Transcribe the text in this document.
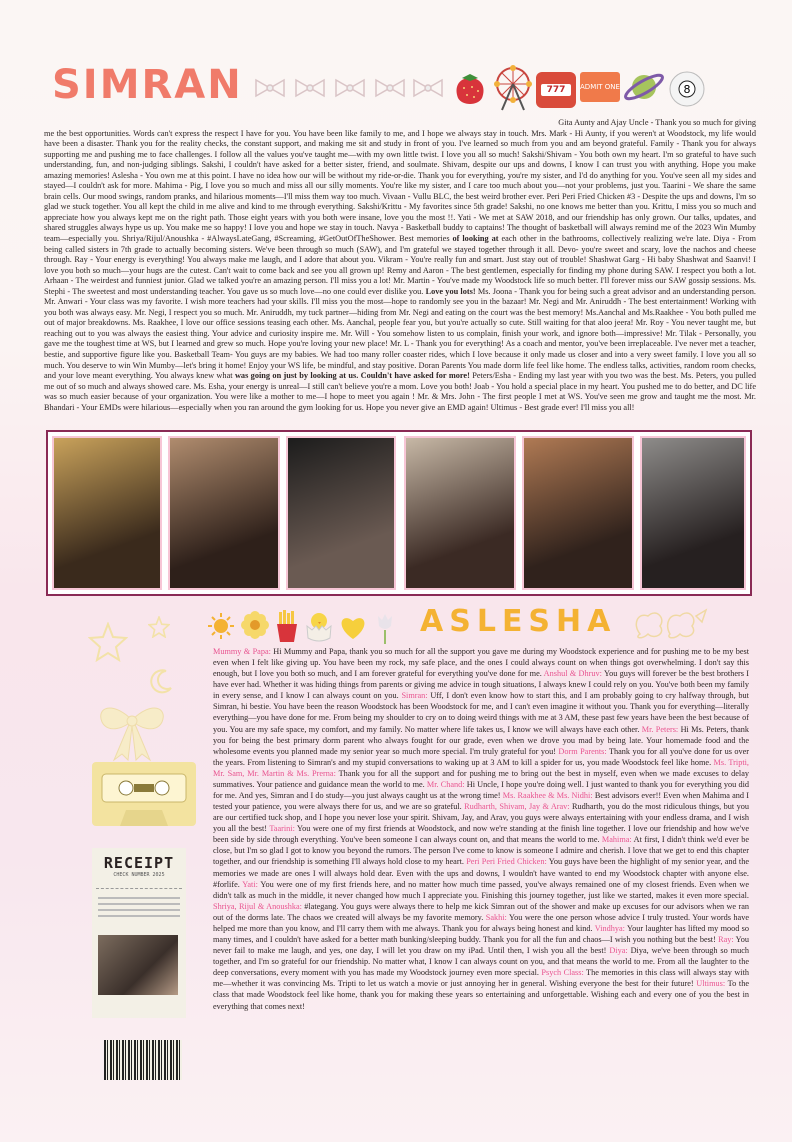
SIMRAN	777	ADMIT ONE	8
Gita Aunty and Ajay Uncle - Thank you so much for giving
me the best opportunities. Words can't express the respect I have for you. You have been like family to me, and I hope we always stay in touch. Mrs. Mark - Hi Aunty, if you weren't at Woodstock, my life would have been a disaster. Thank you for the reality checks, the constant support, and making me sit and study in front of you. I've learned so much from you and am beyond grateful. Family - Thank you for always supporting me and pushing me to face challenges. I follow all the values you've taught me—with my own little twist. I love you all so much! Sakshi/Shivam - You both own my heart. I'm so grateful to have such understanding, fun, and non-judging siblings. Sakshi, I couldn't have asked for a better sister, friend, and soulmate. Shivam, despite our ups and downs, I know I can trust you with anything. Hope you make amazing memories! Aslesha - You own me at this point. I have no idea how our will be without my ride-or-die. Thank you for everything, you're my sister, and I'd do anything for you. You've seen all my sides and stayed—I couldn't ask for more. Mahima - Pig, I love you so much and miss all our silly moments. You're like my sister, and I care too much about you—not your problems, just you. Taarini - We share the same brain cells. Our mood swings, random pranks, and hilarious moments—I'll miss them way too much. Vivaan - Vullu BLC, the best weird brother ever. Peri Peri Fried Chicken #3 - Despite the ups and downs, I'm so glad we stuck together. You all kept the child in me alive and kind to me through everything. Sakshi/Krittu - My favorites since 5th grade! Sakshi, no one knows me better than you. Krittu, I miss you so much and appreciate how you always kept me on the right path. Those eight years with you both were insane, love you the most !!. Yati - We met at SAW 2018, and our friendship has only grown. Our talks, updates, and shared struggles always hype us up. You make me so happy! I love you and hope we stay in touch. Navya - Basketball buddy to captains! The thought of basketball will always remind me of the 2023 Win Mumby team—especially you. Shriya/Rijul/Anoushka - #AlwaysLateGang, #Screaming, #GetOutOfTheShower. Best memories of looking at each other in the bathrooms, collectively realizing we're late. Diya - From being called sisters in 7th grade to actually becoming sisters. We've been through so much (SAW), and I'm grateful we stayed together through it all. Devo- you're sweet and scary, love the nachos and cheese through. Ray - Your energy is everything! You always make me laugh, and I adore that about you. Vikram - You're really fun and smart. Just stay out of trouble! Shashwat Garg - Hi baby Shashwat and Saanvi! I love you both so much—your hugs are the cutest. Can't wait to come back and see you all grown up! Remy and Aaron - The best gentlemen, especially for finding my phone during SAW. I respect you both a lot. Arhaan - The weirdest and funniest junior. Glad we talked you're an amazing person. I'll miss you a lot! Mr. Martin - You've made my Woodstock life so much better. I'll forever miss our SAW gossip sessions. Ms. Stephi - The sweetest and most understanding teacher. You gave us so much love—no one could ever dislike you. Love you lots! Ms. Joona - Thank you for being such a great advisor and an understanding person. Mr. Anwari - Your class was my favorite. I wish more teachers had your skills. I'll miss you the most—hope to randomly see you in the bazaar! Mr. Negi and Mr. Aniruddh - The best entertainment! Working with you both was always easy. Mr. Negi, I respect you so much. Mr. Aniruddh, my tuck partner—hiding from Mr. Negi and eating on the court was the best memory! Ms.Aanchal and Ms.Raakhee - You both pulled me out of major breakdowns. Ms. Raakhee, I love our office sessions teasing each other. Ms. Aanchal, people fear you, but you're actually so cute. Still waiting for that aloo jeera! Mr. Roy - You never taught me, but reaching out to you was always the easiest thing. Your advice and curiosity inspire me. Mr. Will - You somehow listen to us complain, finish your work, and ignore both—impressive! Mr. Tilak - Personally, you gave me the toughest time at WS, but I learned and grew so much. Hope you're loving your new place! Mr. L - Thank you for everything! As a coach and mentor, you've been irreplaceable. I've never met a teacher, bestie, and supportive figure like you. Basketball Team- You guys are my babies. We had too many roller coaster rides, which I love because it only made us closer and into a very sweet family. I love you all so much. You deserve to win Win Mumby—let's bring it home! Enjoy your WS life, be mindful, and stay positive. Doran Parents You made dorm life feel like home. The endless talks, activities, random room checks, and your love meant everything. You always knew what was going on just by looking at us. Couldn't have asked for more! Peters/Esha - Ending my last year with you two was the best. Ms. Peters, you pulled me out of so much and always showed care. Ms. Esha, your energy is unreal—I still can't believe you're a mom. Love you both! Joab - You hold a special place in my heart. You pushed me to do better, and DC life was so much easier because of your organization. You were like a mother to me—I hope to meet you again ! Mr. & Mrs. John - The first people I met at WS. You've seen me grow and taught me the most. Mr. Bhandari - Your EMDs were hilarious—especially when you ran around the gym looking for us. Hope you never give an EMD again! Ultimus - Best grade ever! I'll miss you all!
ASLESHA
RECEIPT
CHECK NUMBER 2025
Mummy & Papa: Hi Mummy and Papa, thank you so much for all the support you gave me during my Woodstock experience and for pushing me to be my best even when I felt like giving up. You have been my rock, my safe place, and the ones I could always count on when things got overwhelming. I don't say this enough, but I love you both so much, and I am forever grateful for everything you've done for me. Anshul & Dhruv: You guys will forever be the best brothers I have ever had. Whether it was hiding things from parents or giving me advice in tough situations, I always knew I could rely on you. You've both been my family in every sense, and I know I can always count on you. Simran: Uff, I don't even know how to start this, and I am probably going to cry halfway through, but Simran, hi bestie. You have been the reason Woodstock has been Woodstock for me, and I can't even imagine it without you. Thank you for everything—literally everything—you have done for me. From being my shoulder to cry on to doing weird things with me at 3 AM, these past few years have been the best because of you. You are my safe space, my comfort, and my family. No matter where life takes us, I know we will always have each other. Mr. Peters: Hi Ms. Peters, thank you for being the best primary dorm parent who always fought for our grade, even when we drove you mad by being late. Your homemade food and the wholesome events you planned made my senior year so much more special. I'm truly grateful for you! Dorm Parents: Thank you for all you've done for us over the years. From listening to Simran's and my stupid conversations to waking up at 3 AM to kill a spider for us, you made Woodstock feel like home. Ms. Tripti, Mr. Sam, Mr. Martin & Ms. Prerna: Thank you for all the support and for pushing me to bring out the best in myself, even when we made excuses to delay summatives. Your patience and guidance mean the world to me. Mr. Chand: Hi Uncle, I hope you're doing well. I just wanted to thank you for everything you did for me. And yes, Simran and I do study—you just always caught us at the wrong time! Ms. Raakhee & Ms. Nidhi: Best advisors ever!! Even when Mahima and I tested your patience, you were always there for us, and we are so grateful. Rudharth, Shivam, Jay & Arav: Rudharth, you do the most ridiculous things, but you are our certified tuck shop, and I hope you never lose your spirit. Shivam, Jay, and Arav, you guys were always entertaining with your endless drama, and I wish you all the best! Taarini: You were one of my first friends at Woodstock, and now we're standing at the finish line together. I love our friendship and how we've been side by side through everything. You've been someone I can always count on, and that means the world to me. Mahima: At first, I didn't think we'd ever be close, but I'm so glad I got to know you beyond the rumors. The person I've come to know is someone I admire and cherish. I love that we get to end this chapter together, and our friendship is something I'll always hold close to my heart. Peri Peri Fried Chicken: You guys have been the highlight of my senior year, and the memories we made are ones I will always hold dear. Even with the ups and downs, I wouldn't have wanted to end my Woodstock chapter with anyone else. #forlife. Yati: You were one of my first friends here, and no matter how much time passed, you've always remained one of my closest friends. Even when we didn't talk as much in the middle, it never changed how much I appreciate you. Finishing this journey together, just like we started, makes it even more special. Shriya, Rijul & Anoushka: #lategang. You guys were always there to help me kick Simran out of the shower and make up excuses for our advisors when we ran out of the dorms late. The chaos we created will always be my favorite memory. Sakhi: You were the one person whose advice I truly trusted. Your words have helped me more than you know, and I'll carry them with me always. Thank you for always being honest and kind. Vindhya: Your laughter has lifted my mood so many times, and I couldn't have asked for a better math bunking/sleeping buddy. Thank you for all the fun and chaos—I wish you nothing but the best! Ray: You never fail to make me laugh, and yes, one day, I will let you draw on my iPad. Until then, I wish you all the best! Diya: Diya, we've been through so much together, and I'm so grateful for our friendship. No matter what, I know I can always count on you, and that means the world to me. From all the laughter to the deep conversations, every moment with you has made my Woodstock journey even more special. Psych Class: The memories in this class will always stay with me—whether it was convincing Ms. Tripti to let us watch a movie or just annoying her in general. Wishing everyone the best for their future! Ultimus: To the class that made Woodstock feel like home, thank you for making these years so entertaining and unforgettable. Wishing each and every one of you the best in everything that comes next!
